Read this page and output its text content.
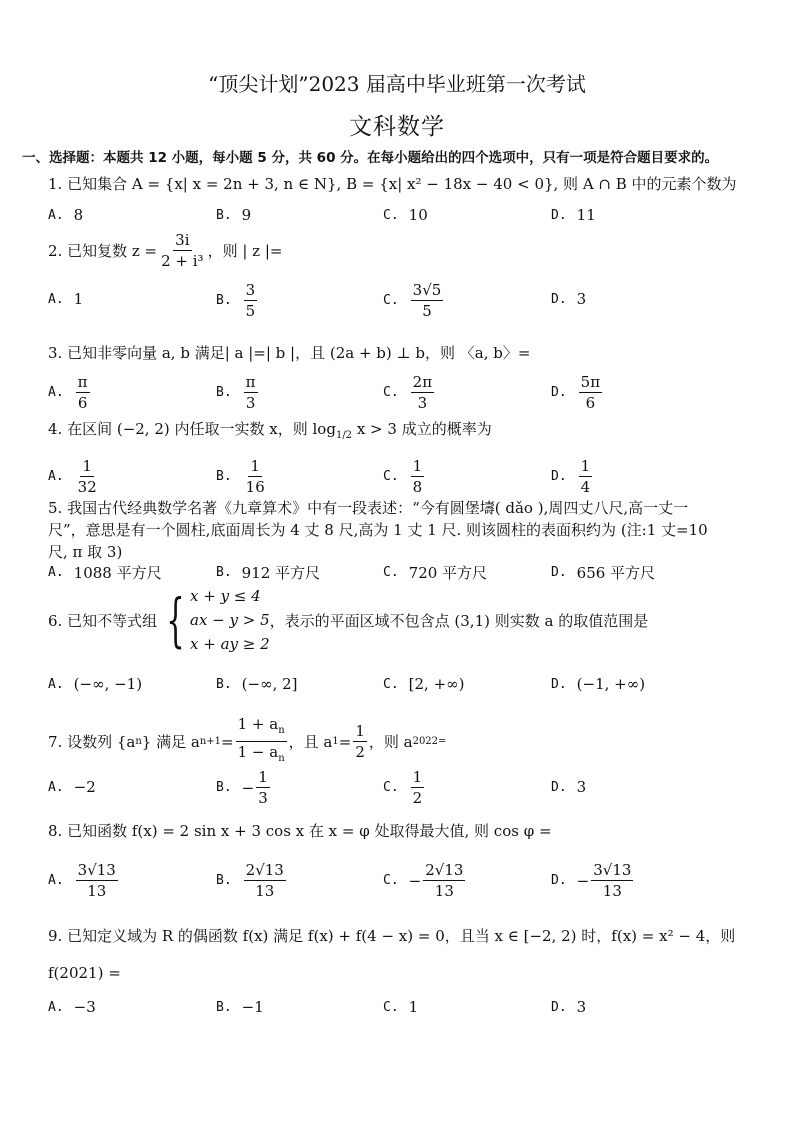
“顶尖计划”2023 届高中毕业班第一次考试
文科数学
一、选择题：本题共 12 小题，每小题 5 分，共 60 分。在每小题给出的四个选项中，只有一项是符合题目要求的。
1. 已知集合 A = {x| x = 2n + 3, n ∈ N}, B = {x| x² − 18x − 40 < 0}, 则 A ∩ B 中的元素个数为
A. 8	B. 9	C. 10	D. 11
2. 已知复数 $z = \frac{3i}{\text{2 + i³}}$ ，则 | z |=
A. 1	B. $\frac{3}{5}$	C. $\frac{3√5}{5}$	D. 3
3. 已知非零向量 a, b 满足| a |=| b |，且 (2a + b) ⊥ b，则 〈a, b〉=
A. $\frac{\pi}{6}$	B. $\frac{\pi}{3}$	C. $\frac{2\pi}{3}$	D. $\frac{5\pi}{6}$
4. 在区间 (−2, 2) 内任取一实数 x，则 $\log_{1/2} x > 3$ 成立的概率为
A. $\frac{1}{32}$	B. $\frac{1}{16}$	C. $\frac{1}{8}$	D. $\frac{1}{4}$
5. 我国古代经典数学名著《九章算术》中有一段表述：“今有圆堡壔( dǎo ),周四丈八尺,高一丈一
尺”，意思是有一个圆柱,底面周长为 4 丈 8 尺,高为 1 丈 1 尺. 则该圆柱的表面积约为 (注:1 丈=10
尺, π 取 3)
A. 1088 平方尺	B. 912 平方尺	C. 720 平方尺	D. 656 平方尺
6. 已知不等式组 { x + y ≤ 4
ax − y > 5
x + ay ≥ 2
，表示的平面区域不包含点 (3,1) 则实数 a 的取值范围是
A. (−∞, −1)	B. (−∞, 2]	C. [2, +∞)	D. (−1, +∞)
7. 设数列 {a n } 满足 a $n+1 = \frac{1 + a_n}{1 - a_n}$ ，且 a $1 = \frac{1}{2}$ ，则 a 2022=
A. −2	B. − $\frac{1}{3}$	C. $\frac{1}{2}$	D. 3
8. 已知函数 f(x) = 2 sin x + 3 cos x 在 x = φ 处取得最大值, 则 cos φ =
A. $\frac{3√13}{13}$	B. $\frac{2√13}{13}$	C. − $\frac{2√13}{13}$	D. − $\frac{3√13}{13}$
9. 已知定义域为 R 的偶函数 f(x) 满足 f(x) + f(4 − x) = 0，且当 x ∈ [−2, 2) 时，f(x) = x² − 4，则
f(2021) =
A. −3	B. −1	C. 1	D. 3
